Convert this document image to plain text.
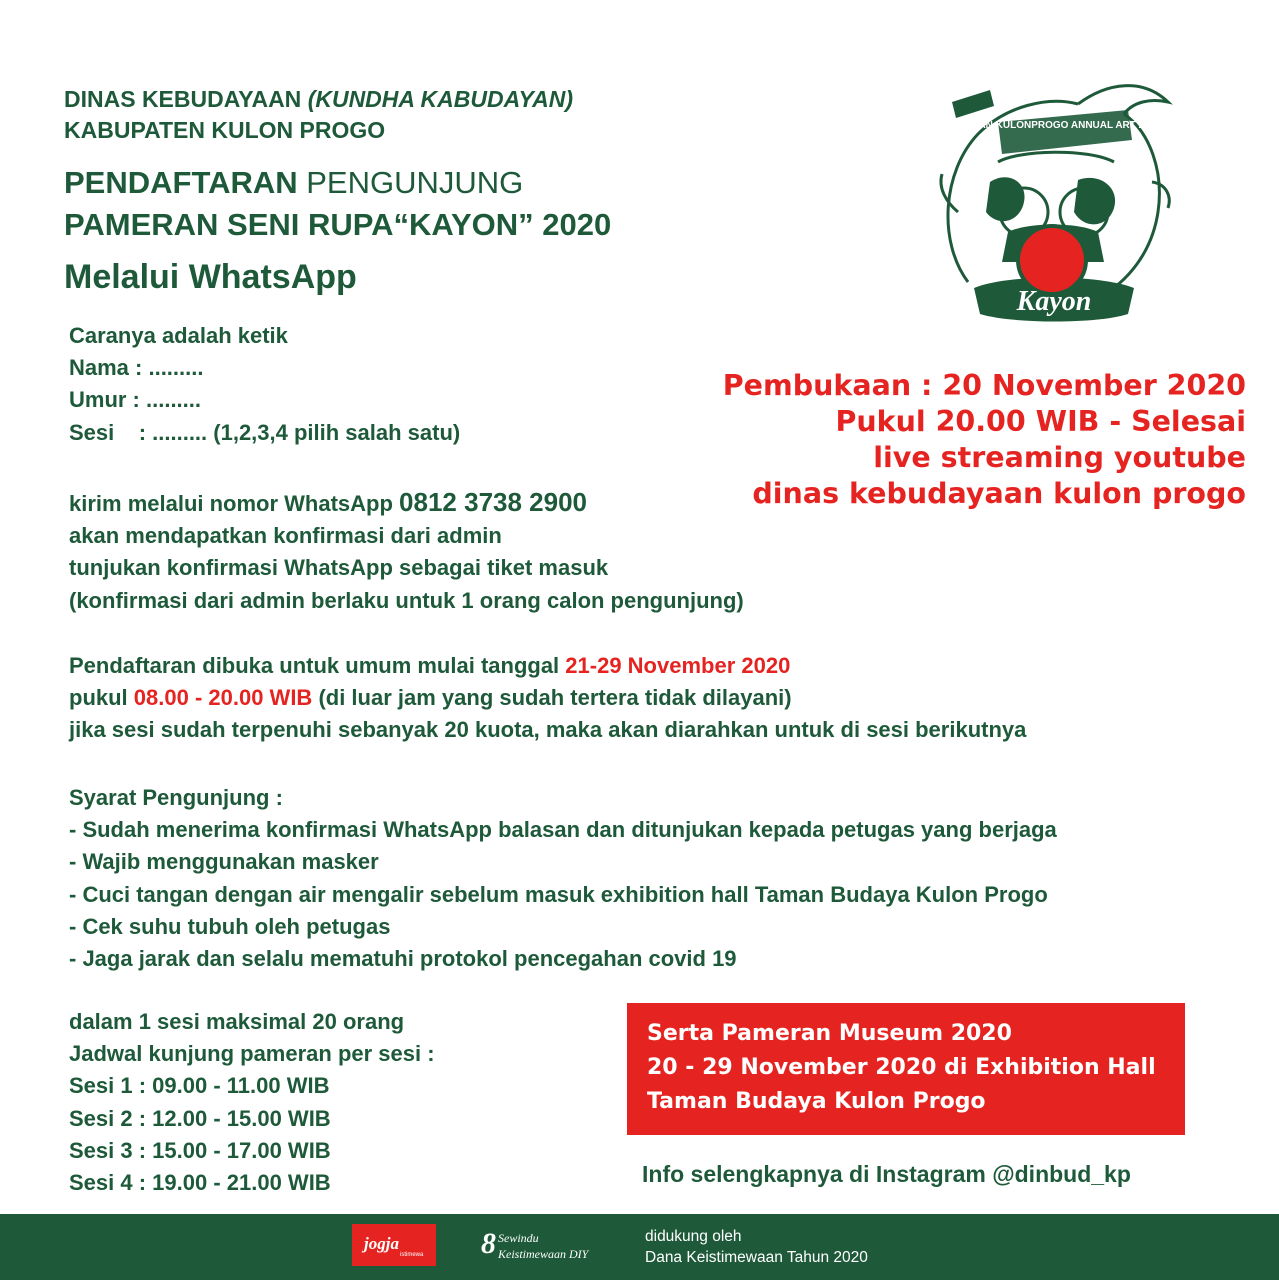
DINAS KEBUDAYAAN (KUNDHA KABUDAYAN)
KABUPATEN KULON PROGO
PENDAFTARAN PENGUNJUNG
PAMERAN SENI RUPA“KAYON” 2020
Melalui WhatsApp
Caranya adalah ketik
Nama : .........
Umur : .........
Sesi    : ......... (1,2,3,4 pilih salah satu)
kirim melalui nomor WhatsApp 0812 3738 2900
akan mendapatkan konfirmasi dari admin
tunjukan konfirmasi WhatsApp sebagai tiket masuk
(konfirmasi dari admin berlaku untuk 1 orang calon pengunjung)
Pendaftaran dibuka untuk umum mulai tanggal 21-29 November 2020
pukul 08.00 - 20.00 WIB (di luar jam yang sudah tertera tidak dilayani)
jika sesi sudah terpenuhi sebanyak 20 kuota, maka akan diarahkan untuk di sesi berikutnya
Syarat Pengunjung :
- Sudah menerima konfirmasi WhatsApp balasan dan ditunjukan kepada petugas yang berjaga
- Wajib menggunakan masker
- Cuci tangan dengan air mengalir sebelum masuk exhibition hall Taman Budaya Kulon Progo
- Cek suhu tubuh oleh petugas
- Jaga jarak dan selalu mematuhi protokol pencegahan covid 19
dalam 1 sesi maksimal 20 orang
Jadwal kunjung pameran per sesi :
Sesi 1 : 09.00 - 11.00 WIB
Sesi 2 : 12.00 - 15.00 WIB
Sesi 3 : 15.00 - 17.00 WIB
Sesi 4 : 19.00 - 21.00 WIB
Pembukaan : 20 November 2020
Pukul 20.00 WIB - Selesai
live streaming youtube
dinas kebudayaan kulon progo
PAMERAN KULONPROGO ANNUAL ART 2020
Kayon
Serta Pameran Museum 2020
20 - 29 November 2020 di Exhibition Hall
Taman Budaya Kulon Progo
Info selengkapnya di Instagram @dinbud_kp
jogja
istimewa 8 Sewindu
Keistimewaan DIY
didukung oleh
Dana Keistimewaan Tahun 2020
